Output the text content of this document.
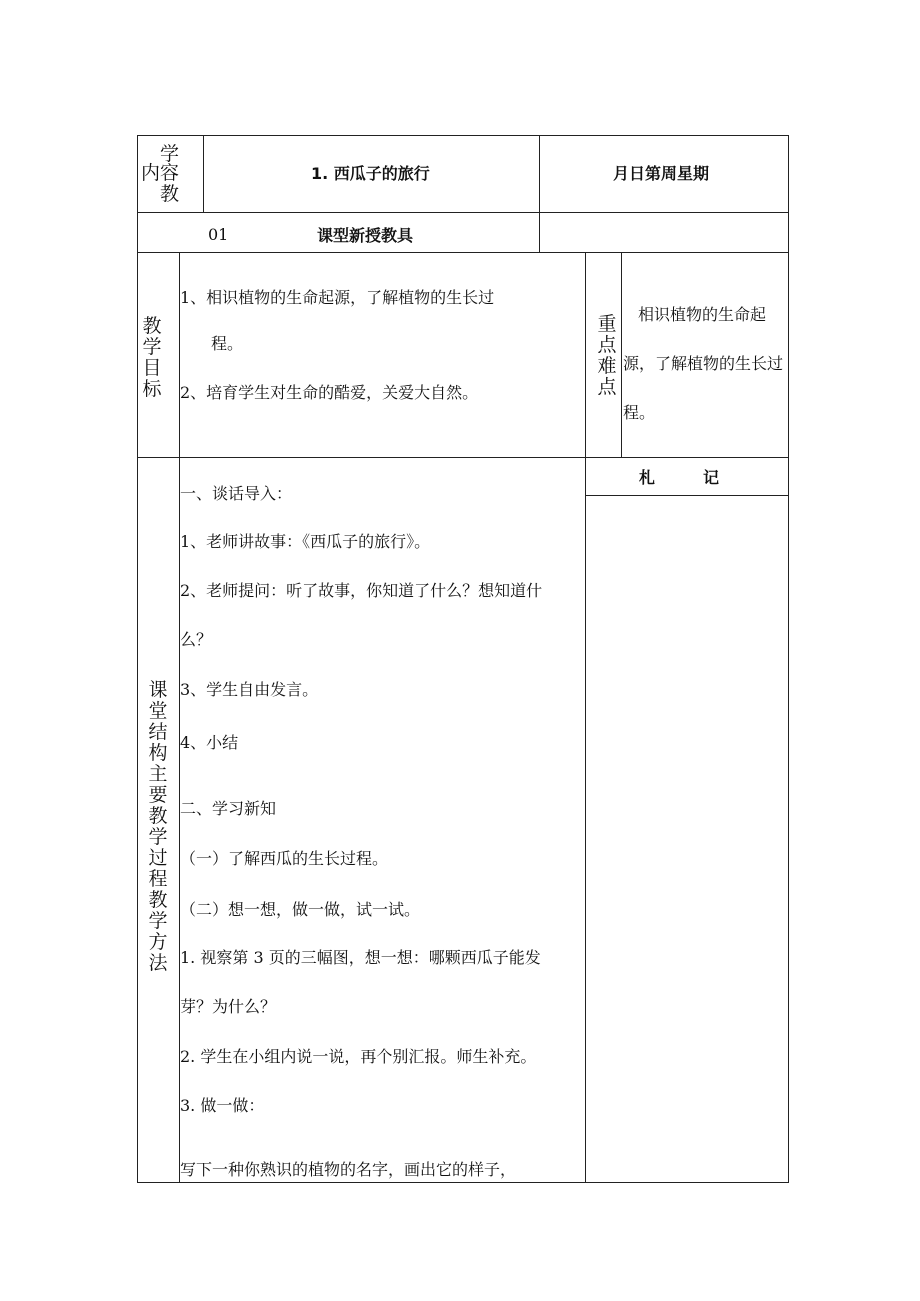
学
内容
教
1. 西瓜子的旅行	月日第周星期
01	课型新授教具
教学目标
1、相识植物的生命起源，了解植物的生长过
程。
2、培育学生对生命的酷爱，关爱大自然。
重点难点
相识植物的生命起
源，了解植物的生长过
程。
课堂结构主要教学过程教学方法
札　　　记
一、谈话导入：
1、老师讲故事：《西瓜子的旅行》。
2、老师提问：听了故事，你知道了什么？想知道什
么？
3、学生自由发言。
4、小结
二、学习新知
（一）了解西瓜的生长过程。
（二）想一想，做一做，试一试。
1. 视察第 3 页的三幅图，想一想：哪颗西瓜子能发
芽？为什么？
2. 学生在小组内说一说，再个别汇报。师生补充。
3. 做一做：
写下一种你熟识的植物的名字，画出它的样子，
